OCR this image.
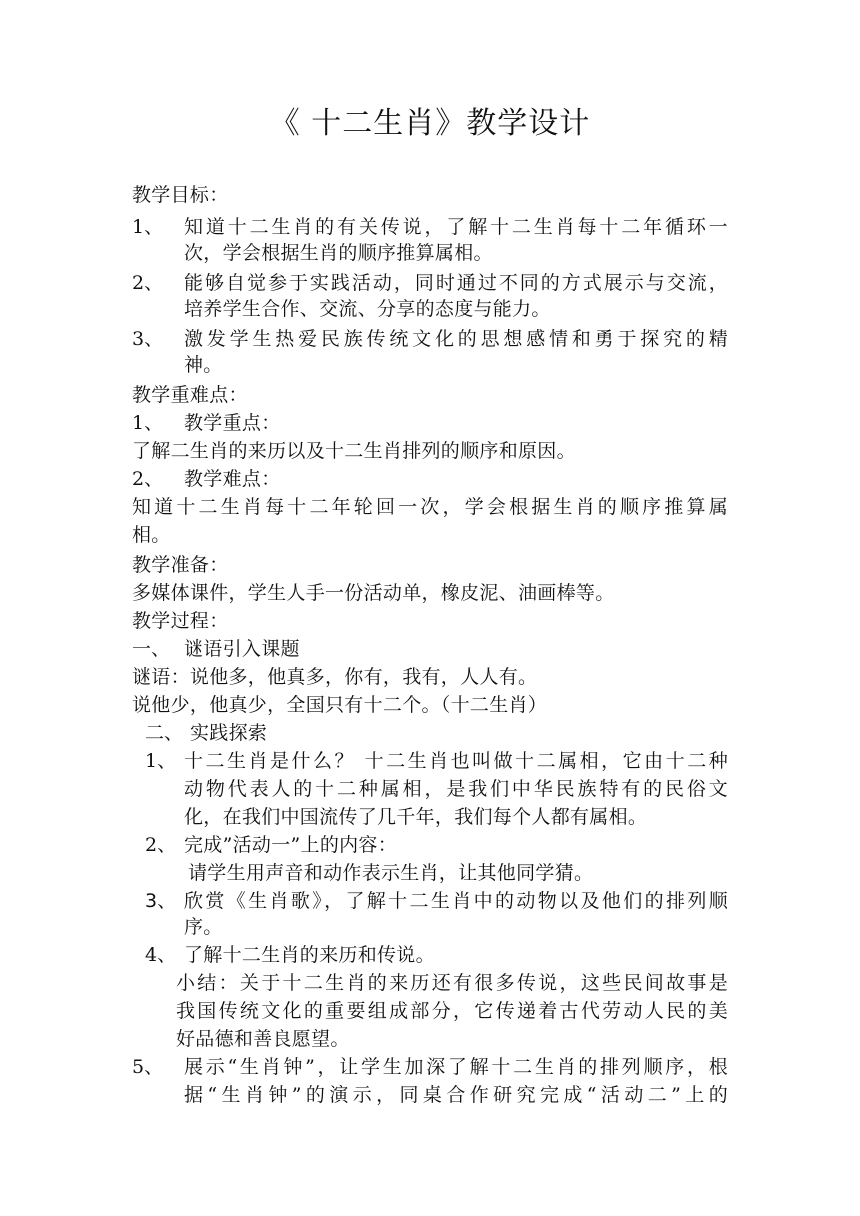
《 十二生肖》教学设计
教学目标：
1、 知道十二生肖的有关传说，了解十二生肖每十二年循环一
次，学会根据生肖的顺序推算属相。
2、 能够自觉参于实践活动，同时通过不同的方式展示与交流，
培养学生合作、交流、分享的态度与能力。
3、 激发学生热爱民族传统文化的思想感情和勇于探究的精
神。
教学重难点：
1、 教学重点：
了解二生肖的来历以及十二生肖排列的顺序和原因。
2、 教学难点：
知道十二生肖每十二年轮回一次，学会根据生肖的顺序推算属
相。
教学准备：
多媒体课件，学生人手一份活动单，橡皮泥、油画棒等。
教学过程：
一、 谜语引入课题
谜语：说他多，他真多，你有，我有，人人有。
说他少，他真少，全国只有十二个。（十二生肖）
二、 实践探索
1、 十二生肖是什么？ 十二生肖也叫做十二属相，它由十二种
动物代表人的十二种属相，是我们中华民族特有的民俗文
化，在我们中国流传了几千年，我们每个人都有属相。
2、 完成”活动一”上的内容：
请学生用声音和动作表示生肖，让其他同学猜。
3、 欣赏《生肖歌》，了解十二生肖中的动物以及他们的排列顺
序。
4、 了解十二生肖的来历和传说。
小结：关于十二生肖的来历还有很多传说，这些民间故事是
我国传统文化的重要组成部分，它传递着古代劳动人民的美
好品德和善良愿望。
5、 展示“生肖钟”，让学生加深了解十二生肖的排列顺序，根
据“生肖钟”的演示，同桌合作研究完成“活动二”上的
